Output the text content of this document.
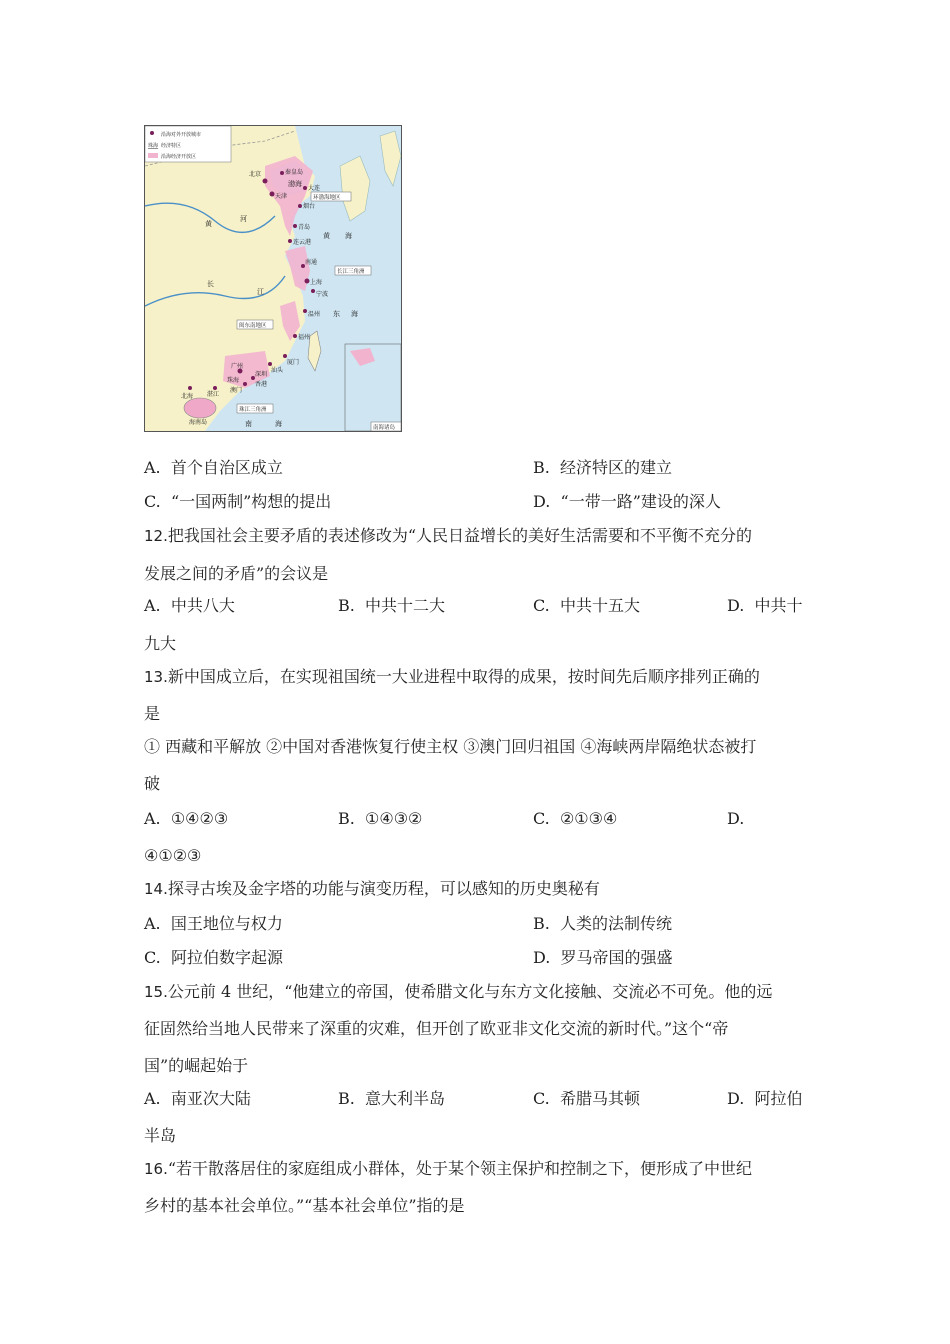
沿海对外开放城市
珠海 经济特区
沿海经济开放区
北京
天津
秦皇岛
大连
烟台
青岛
连云港
南通
上海
宁波
温州
福州
厦门
汕头
广州
深圳
珠海
香港
澳门
湛江
北海
海南岛
环渤海地区
长江三角洲
闽东南地区
珠江三角洲
黄
河
长
江
渤海
黄 海
东 海
南	海	南海诸岛
A. 首个自治区成立	B. 经济特区的建立
C. “一国两制”构想的提出	D. “一带一路”建设的深人
12.把我国社会主要矛盾的表述修改为“人民日益增长的美好生活需要和不平衡不充分的
发展之间的矛盾”的会议是
A. 中共八大	B. 中共十二大	C. 中共十五大	D. 中共十
九大
13.新中国成立后，在实现祖国统一大业进程中取得的成果，按时间先后顺序排列正确的
是
① 西藏和平解放 ②中国对香港恢复行使主权 ③澳门回归祖国 ④海峡两岸隔绝状态被打
破
A. ①④②③	B. ①④③②	C. ②①③④	D.
④①②③
14.探寻古埃及金字塔的功能与演变历程，可以感知的历史奥秘有
A. 国王地位与权力	B. 人类的法制传统
C. 阿拉伯数字起源	D. 罗马帝国的强盛
15.公元前 4 世纪，“他建立的帝国，使希腊文化与东方文化接触、交流必不可免。他的远
征固然给当地人民带来了深重的灾难，但开创了欧亚非文化交流的新时代。”这个“帝
国”的崛起始于
A. 南亚次大陆	B. 意大利半岛	C. 希腊马其顿	D. 阿拉伯
半岛
16.“若干散落居住的家庭组成小群体，处于某个领主保护和控制之下，便形成了中世纪
乡村的基本社会单位。”“基本社会单位”指的是
